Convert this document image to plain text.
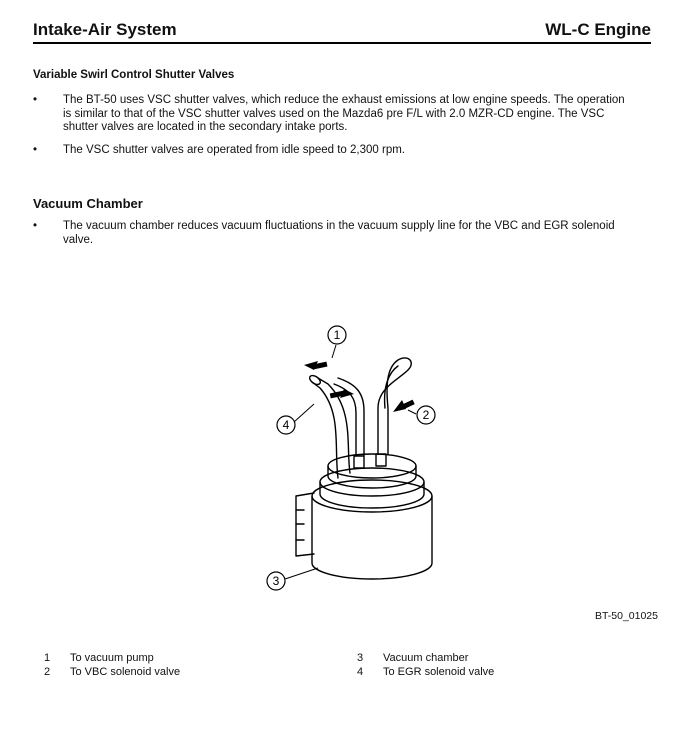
Intake-Air System	WL-C Engine
Variable Swirl Control Shutter Valves
• The BT-50 uses VSC shutter valves, which reduce the exhaust emissions at low engine speeds. The operation is similar to that of the VSC shutter valves used on the Mazda6 pre F/L with 2.0 MZR-CD engine. The VSC shutter valves are located in the secondary intake ports.
• The VSC shutter valves are operated from idle speed to 2,300 rpm.
Vacuum Chamber
• The vacuum chamber reduces vacuum fluctuations in the vacuum supply line for the VBC and EGR solenoid valve.
1
4
2
3
BT-50_01025
1 To vacuum pump
2 To VBC solenoid valve
3 Vacuum chamber
4 To EGR solenoid valve
